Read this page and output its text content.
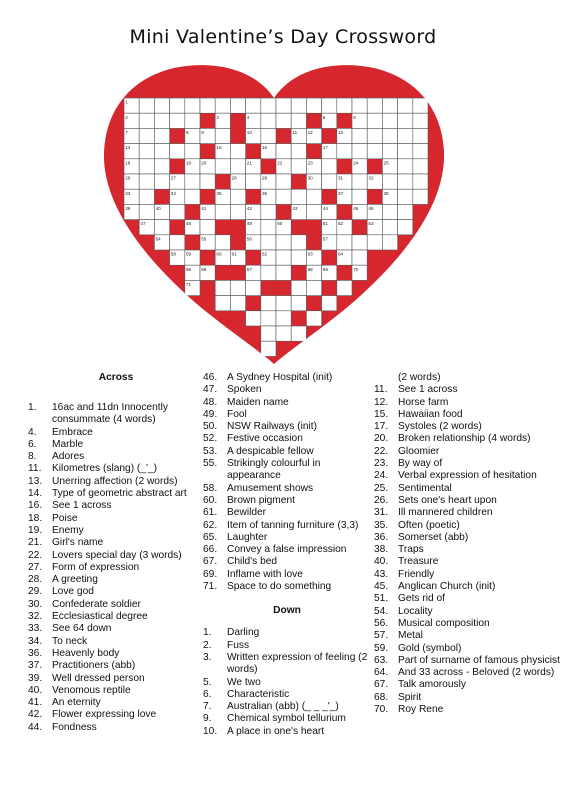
Mini Valentine’s Day Crossword
1
2	3	4	5	6
7	8	9	10	11 12	13
14	15	16	17
18	19 20	21	22	23	24	25
26	27	28	29	30	31	32
33	34	35	36	37	38
39	40	41	42	43	44	45 46
47	48	49	50	51 52	53
54	55	56	57
58 59	60 61	62	63	64
65 66	67	68 69	70
71
Across
1.	16ac and 11dn Innocently consummate (4 words)
4.	Embrace
6.	Marble
8.	Adores
11.	Kilometres (slang) (_'_)
13. Unerring affection (2 words)
14. Type of geometric abstract art
16. See 1 across
18. Poise
19. Enemy
21. Girl's name
22. Lovers special day (3 words)
27. Form of expression
28. A greeting
29. Love god
30. Confederate soldier
32. Ecclesiastical degree
33. See 64 down
34. To neck
36. Heavenly body
37. Practitioners (abb)
39. Well dressed person
40. Venomous reptile
41. An eternity
42. Flower expressing love
44. Fondness
46. A Sydney Hospital (init)
47. Spoken
48. Maiden name
49. Fool
50. NSW Railways (init)
52. Festive occasion
53. A despicable fellow
55. Strikingly colourful in appearance
58. Amusement shows
60. Brown pigment
61. Bewilder
62. Item of tanning furniture (3,3)
65. Laughter
66. Convey a false impression
67. Child's bed
69. Inflame with love
71. Space to do something
Down
1.	Darling
2.	Fuss
3.	Written expression of feeling (2 words)
5.	We two
6.	Characteristic
7.	Australian (abb) (_ _ _'_)
9.	Chemical symbol tellurium
10. A place in one's heart
(2 words)
11.	See 1 across
12. Horse farm
15. Hawaiian food
17. Systoles (2 words)
20. Broken relationship (4 words)
22. Gloomier
23. By way of
24. Verbal expression of hesitation
25. Sentimental
26. Sets one's heart upon
31. Ill mannered children
35. Often (poetic)
36. Somerset (abb)
38. Traps
40. Treasure
43. Friendly
45. Anglican Church (init)
51. Gets rid of
54. Locality
56. Musical composition
57. Metal
59. Gold (symbol)
63. Part of surname of famous physicist
64. And 33 across - Beloved (2 words)
67. Talk amorously
68. Spirit
70. Roy Rene
